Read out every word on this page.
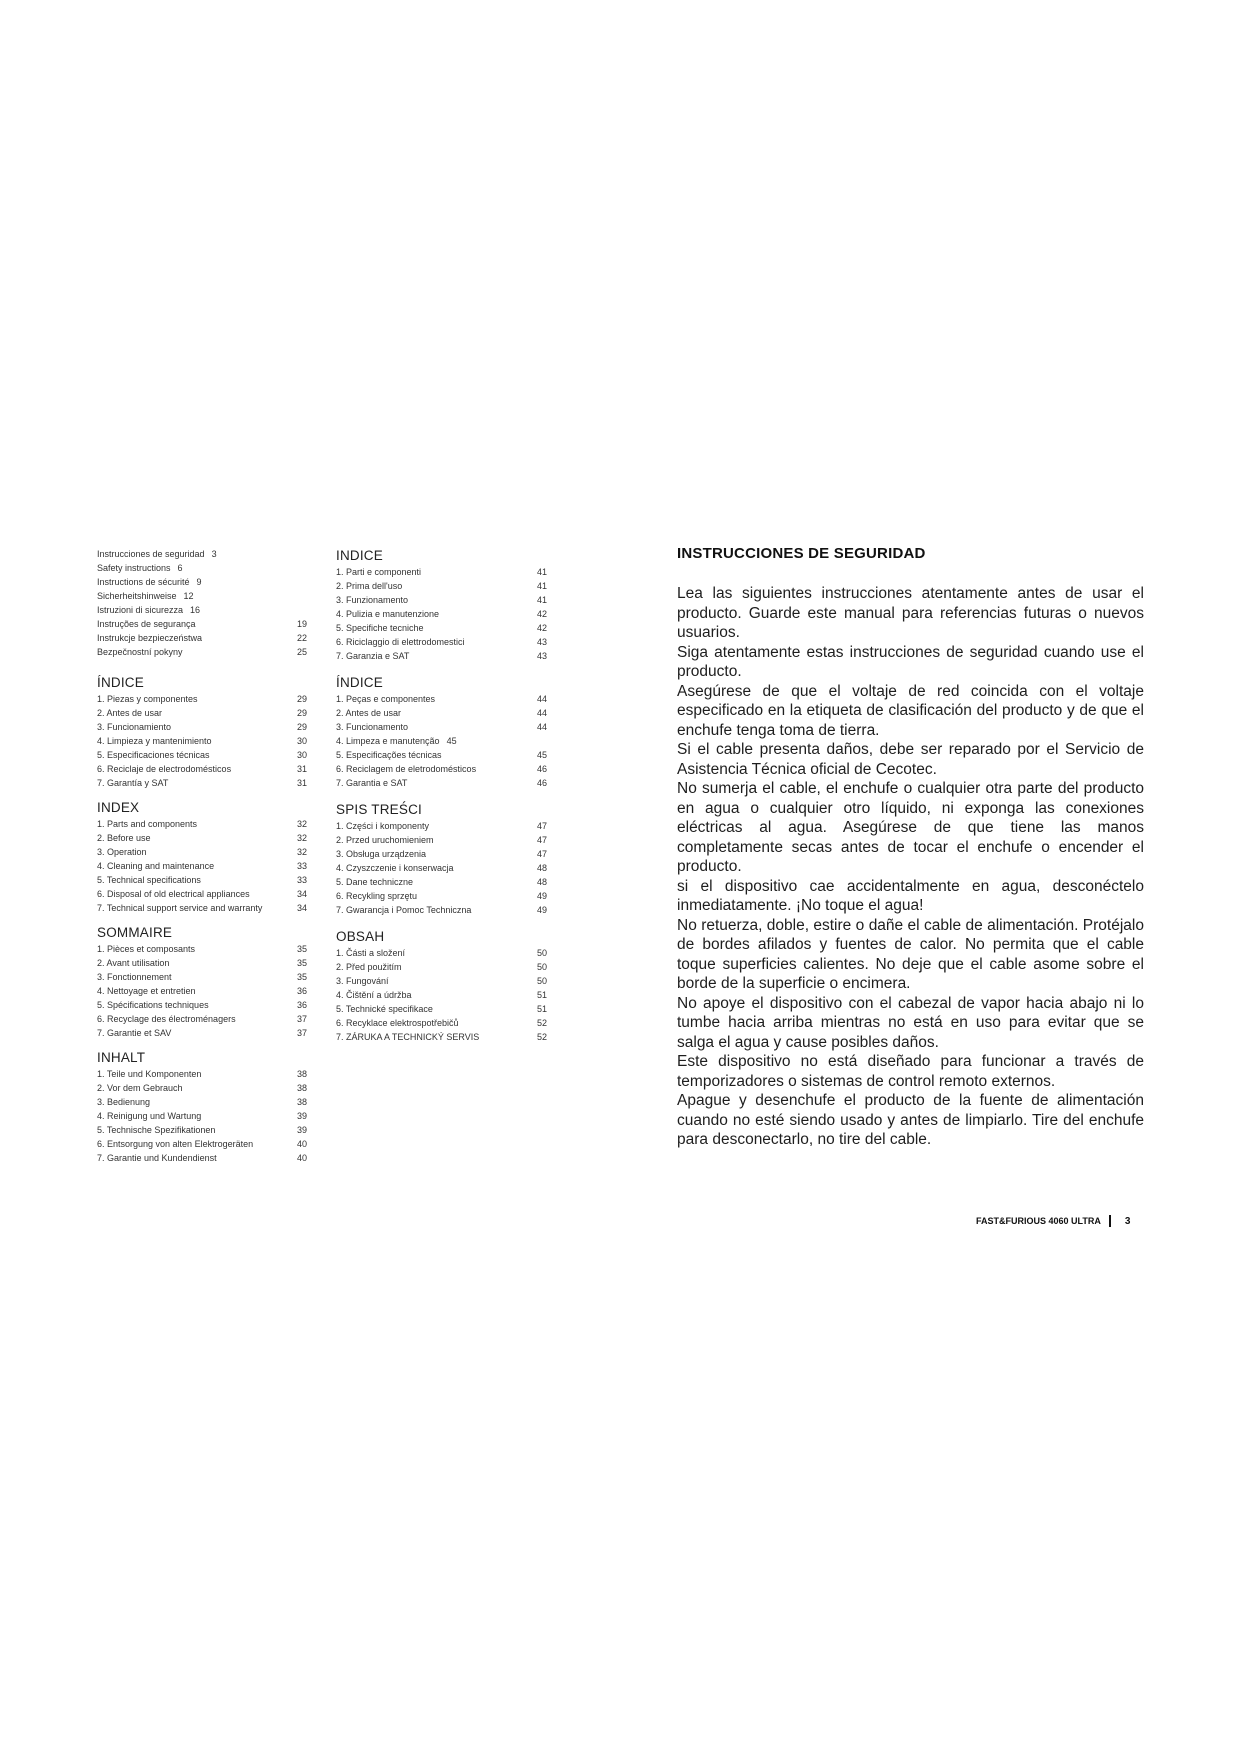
Instrucciones de seguridad 3
Safety instructions 6
Instructions de sécurité 9
Sicherheitshinweise 12
Istruzioni di sicurezza 16
Instruções de segurança	19
Instrukcje bezpieczeństwa	22
Bezpečnostní pokyny	25
ÍNDICE
1. Piezas y componentes	29
2. Antes de usar	29
3. Funcionamiento	29
4. Limpieza y mantenimiento	30
5. Especificaciones técnicas	30
6. Reciclaje de electrodomésticos	31
7. Garantía y SAT	31
INDEX
1. Parts and components	32
2. Before use	32
3. Operation	32
4. Cleaning and maintenance	33
5. Technical specifications	33
6. Disposal of old electrical appliances	34
7. Technical support service and warranty	34
SOMMAIRE
1. Pièces et composants	35
2. Avant utilisation	35
3. Fonctionnement	35
4. Nettoyage et entretien	36
5. Spécifications techniques	36
6. Recyclage des électroménagers	37
7. Garantie et SAV	37
INHALT
1. Teile und Komponenten	38
2. Vor dem Gebrauch	38
3. Bedienung	38
4. Reinigung und Wartung	39
5. Technische Spezifikationen	39
6. Entsorgung von alten Elektrogeräten	40
7. Garantie und Kundendienst	40
INDICE
1. Parti e componenti	41
2. Prima dell'uso	41
3. Funzionamento	41
4. Pulizia e manutenzione	42
5. Specifiche tecniche	42
6. Riciclaggio di elettrodomestici	43
7. Garanzia e SAT	43
ÍNDICE
1. Peças e componentes	44
2. Antes de usar	44
3. Funcionamento	44
4. Limpeza e manutenção 45
5. Especificações técnicas	45
6. Reciclagem de eletrodomésticos	46
7. Garantia e SAT	46
SPIS TREŚCI
1. Części i komponenty	47
2. Przed uruchomieniem	47
3. Obsługa urządzenia	47
4. Czyszczenie i konserwacja	48
5. Dane techniczne	48
6. Recykling sprzętu	49
7. Gwarancja i Pomoc Techniczna	49
OBSAH
1. Části a složení	50
2. Před použitím	50
3. Fungování	50
4. Čištění a údržba	51
5. Technické specifikace	51
6. Recyklace elektrospotřebičů	52
7. ZÁRUKA A TECHNICKÝ SERVIS	52
INSTRUCCIONES DE SEGURIDAD

Lea las siguientes instrucciones atentamente antes de usar el producto. Guarde este manual para referencias futuras o nuevos usuarios.

Siga atentamente estas instrucciones de seguridad cuando use el producto.

Asegúrese de que el voltaje de red coincida con el voltaje especificado en la etiqueta de clasificación del producto y de que el enchufe tenga toma de tierra.

Si el cable presenta daños, debe ser reparado por el Servicio de Asistencia Técnica oficial de Cecotec.

No sumerja el cable, el enchufe o cualquier otra parte del producto en agua o cualquier otro líquido, ni exponga las conexiones eléctricas al agua. Asegúrese de que tiene las manos completamente secas antes de tocar el enchufe o encender el producto.

si el dispositivo cae accidentalmente en agua, desconéctelo inmediatamente. ¡No toque el agua!

No retuerza, doble, estire o dañe el cable de alimentación. Protéjalo de bordes afilados y fuentes de calor. No permita que el cable toque superficies calientes. No deje que el cable asome sobre el borde de la superficie o encimera.

No apoye el dispositivo con el cabezal de vapor hacia abajo ni lo tumbe hacia arriba mientras no está en uso para evitar que se salga el agua y cause posibles daños.

Este dispositivo no está diseñado para funcionar a través de temporizadores o sistemas de control remoto externos.

Apague y desenchufe el producto de la fuente de alimentación cuando no esté siendo usado y antes de limpiarlo. Tire del enchufe para desconectarlo, no tire del cable.

FAST&FURIOUS 4060 ULTRA 3
